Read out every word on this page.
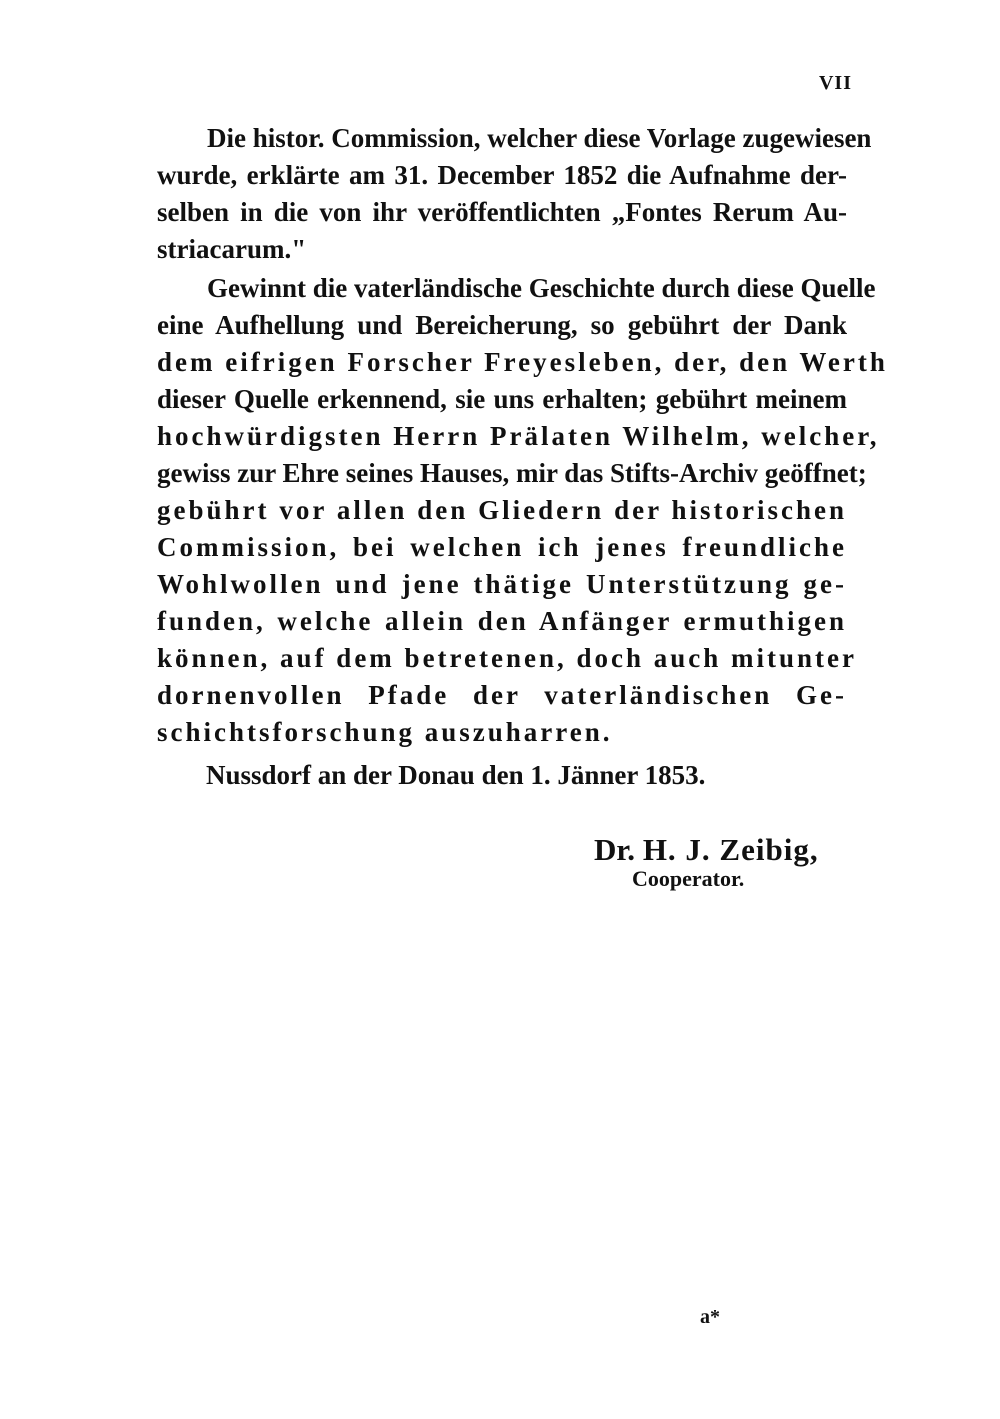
VII
Die histor. Commission, welcher diese Vorlage zugewiesen
wurde, erklärte am 31. December 1852 die Aufnahme der-
selben in die von ihr veröffentlichten „Fontes Rerum Au-
striacarum."
Gewinnt die vaterländische Geschichte durch diese Quelle
eine Aufhellung und Bereicherung, so gebührt der Dank
dem eifrigen Forscher Freyesleben, der, den Werth
dieser Quelle erkennend, sie uns erhalten; gebührt meinem
hochwürdigsten Herrn Prälaten Wilhelm, welcher,
gewiss zur Ehre seines Hauses, mir das Stifts-Archiv geöffnet;
gebührt vor allen den Gliedern der historischen
Commission, bei welchen ich jenes freundliche
Wohlwollen und jene thätige Unterstützung ge-
funden, welche allein den Anfänger ermuthigen
können, auf dem betretenen, doch auch mitunter
dornenvollen Pfade der vaterländischen Ge-
schichtsforschung auszuharren.
Nussdorf an der Donau den 1. Jänner 1853.
Dr. H. J. Zeibig,
Cooperator.
a*
